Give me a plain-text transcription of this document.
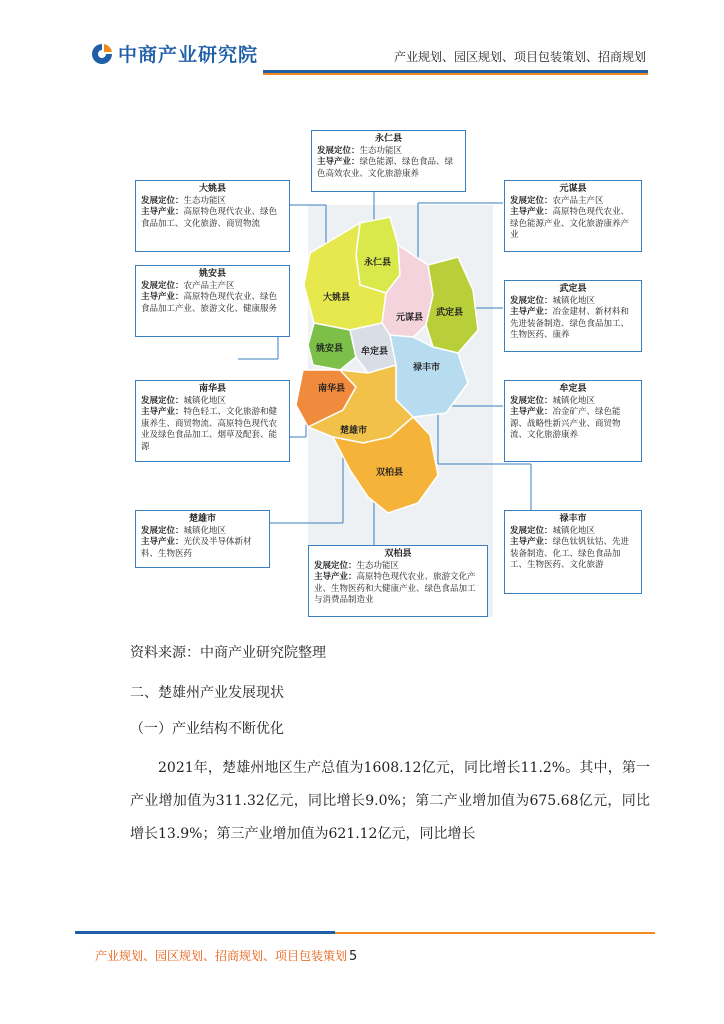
中商产业研究院	产业规划、园区规划、项目包装策划、招商规划
永仁县
大姚县
元谋县 武定县
姚安县 牟定县
禄丰市
南华县
楚雄市
双柏县
永仁县
发展定位：生态功能区
主导产业：绿色能源、绿色食品、绿色高效农业、文化旅游康养
大姚县
发展定位：生态功能区
主导产业：高原特色现代农业、绿色食品加工、文化旅游、商贸物流
元谋县
发展定位：农产品主产区
主导产业：高原特色现代农业、绿色能源产业、文化旅游康养产业
姚安县
发展定位：农产品主产区
主导产业：高原特色现代农业、绿色食品加工产业、旅游文化、健康服务
武定县
发展定位：城镇化地区
主导产业：冶金建材、新材料和先进装备制造、绿色食品加工、生物医药、康养
南华县
发展定位：城镇化地区
主导产业：特色轻工、文化旅游和健康养生、商贸物流、高原特色现代农业及绿色食品加工、烟草及配套、能源
牟定县
发展定位：城镇化地区
主导产业：冶金矿产、绿色能源、战略性新兴产业、商贸物流、文化旅游康养
楚雄市
发展定位：城镇化地区
主导产业：光伏及半导体新材料、生物医药
禄丰市
发展定位：城镇化地区
主导产业：绿色钛钒钛钴、先进装备制造、化工、绿色食品加工、生物医药、文化旅游
双柏县
发展定位：生态功能区
主导产业：高原特色现代农业、旅游文化产业、生物医药和大健康产业、绿色食品加工与消费品制造业
资料来源：中商产业研究院整理
二、楚雄州产业发展现状
（一）产业结构不断优化
2021年，楚雄州地区生产总值为1608.12亿元，同比增长11.2%。其中，第一产业增加值为311.32亿元，同比增长9.0%；第二产业增加值为675.68亿元，同比增长13.9%；第三产业增加值为621.12亿元，同比增长
产业规划、园区规划、招商规划、项目包装策划 5
